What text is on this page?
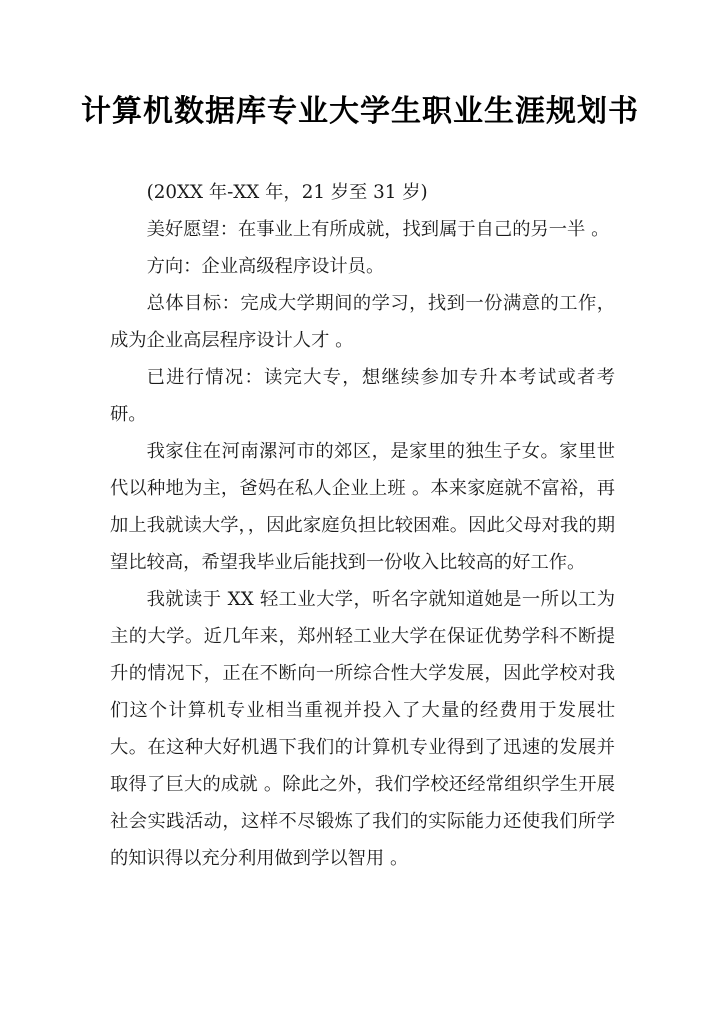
计算机数据库专业大学生职业生涯规划书

(20XX 年-XX 年，21 岁至 31 岁)

美好愿望：在事业上有所成就，找到属于自己的另一半 。

方向：企业高级程序设计员。

总体目标：完成大学期间的学习，找到一份满意的工作，成为企业高层程序设计人才 。

已进行情况：读完大专，想继续参加专升本考试或者考研。

我家住在河南漯河市的郊区，是家里的独生子女。家里世代以种地为主，爸妈在私人企业上班 。本来家庭就不富裕，再加上我就读大学，，因此家庭负担比较困难。因此父母对我的期望比较高，希望我毕业后能找到一份收入比较高的好工作。

我就读于 XX 轻工业大学，听名字就知道她是一所以工为主的大学。近几年来，郑州轻工业大学在保证优势学科不断提升的情况下，正在不断向一所综合性大学发展，因此学校对我们这个计算机专业相当重视并投入了大量的经费用于发展壮大。在这种大好机遇下我们的计算机专业得到了迅速的发展并取得了巨大的成就 。除此之外，我们学校还经常组织学生开展社会实践活动，这样不尽锻炼了我们的实际能力还使我们所学的知识得以充分利用做到学以智用 。
